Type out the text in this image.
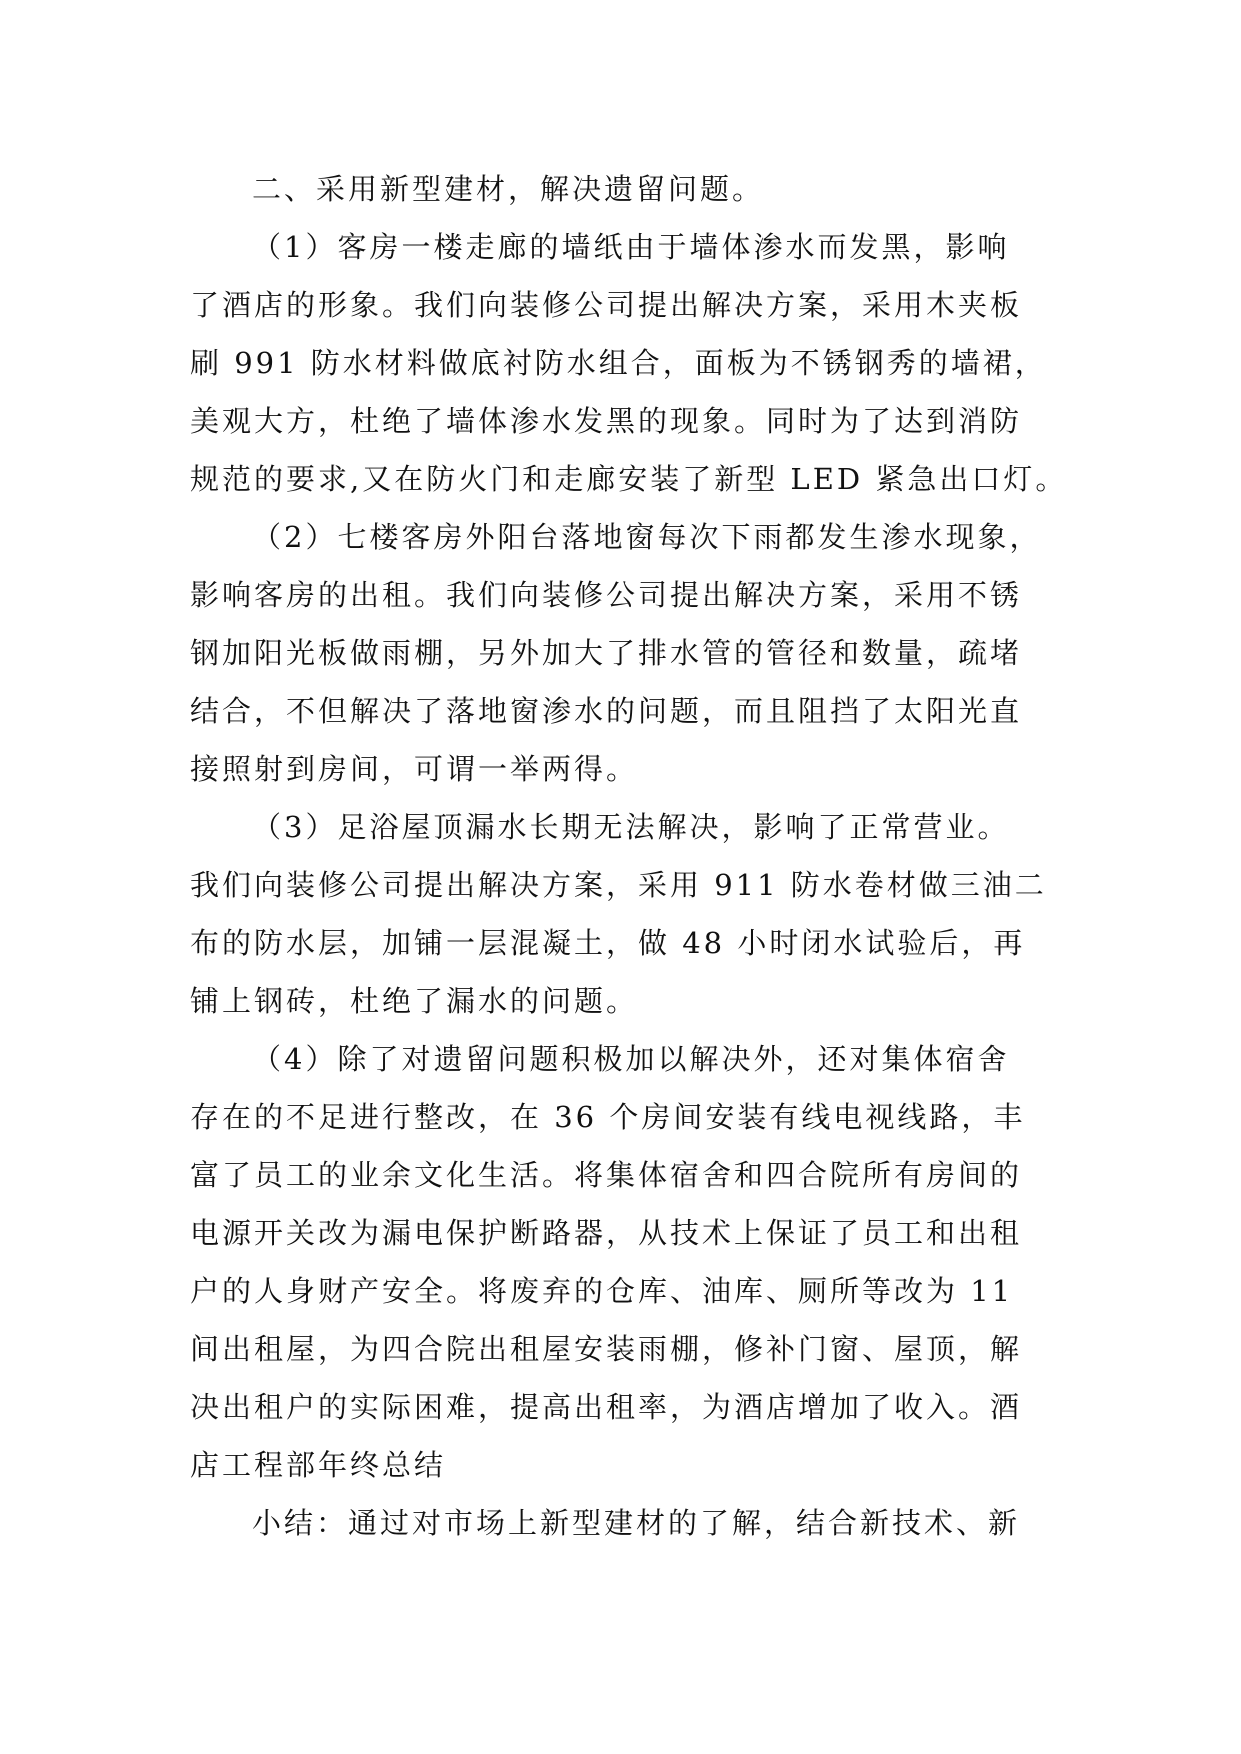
二、采用新型建材，解决遗留问题。
（1）客房一楼走廊的墙纸由于墙体渗水而发黑，影响
了酒店的形象。我们向装修公司提出解决方案，采用木夹板
刷 991 防水材料做底衬防水组合，面板为不锈钢秀的墙裙，
美观大方，杜绝了墙体渗水发黑的现象。同时为了达到消防
规范的要求,又在防火门和走廊安装了新型 LED 紧急出口灯。
（2）七楼客房外阳台落地窗每次下雨都发生渗水现象，
影响客房的出租。我们向装修公司提出解决方案，采用不锈
钢加阳光板做雨棚，另外加大了排水管的管径和数量，疏堵
结合，不但解决了落地窗渗水的问题，而且阻挡了太阳光直
接照射到房间，可谓一举两得。
（3）足浴屋顶漏水长期无法解决，影响了正常营业。
我们向装修公司提出解决方案，采用 911 防水卷材做三油二
布的防水层，加铺一层混凝土，做 48 小时闭水试验后，再
铺上钢砖，杜绝了漏水的问题。
（4）除了对遗留问题积极加以解决外，还对集体宿舍
存在的不足进行整改，在 36 个房间安装有线电视线路，丰
富了员工的业余文化生活。将集体宿舍和四合院所有房间的
电源开关改为漏电保护断路器，从技术上保证了员工和出租
户的人身财产安全。将废弃的仓库、油库、厕所等改为 11
间出租屋，为四合院出租屋安装雨棚，修补门窗、屋顶，解
决出租户的实际困难，提高出租率，为酒店增加了收入。酒
店工程部年终总结
小结：通过对市场上新型建材的了解，结合新技术、新
